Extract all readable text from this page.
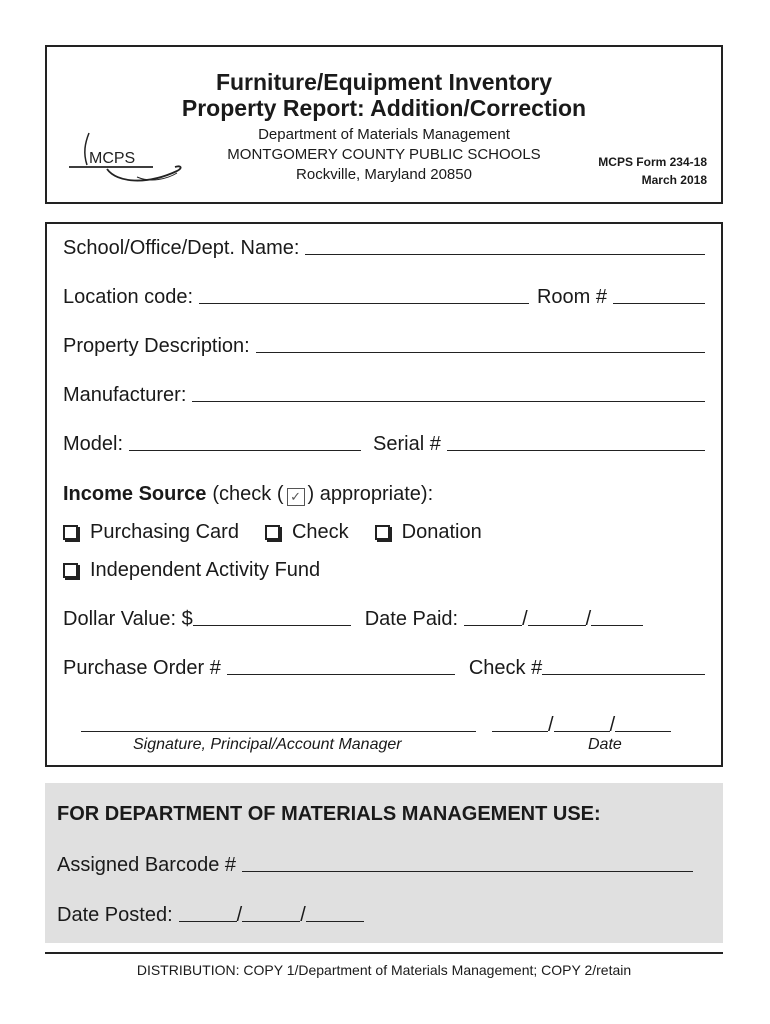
Furniture/Equipment Inventory
Property Report: Addition/Correction
Department of Materials Management
MONTGOMERY COUNTY PUBLIC SCHOOLS
Rockville, Maryland 20850
MCPS Form 234-18
March 2018
MCPS
School/Office/Dept. Name:
Location code:	Room #
Property Description:
Manufacturer:
Model:	Serial #
Income Source (check ( ✓ ) appropriate):
Purchasing Card	Check	Donation
Independent Activity Fund
Dollar Value: $	Date Paid:	/	/
Purchase Order #	Check #
/	/
Signature, Principal/Account Manager	Date
FOR DEPARTMENT OF MATERIALS MANAGEMENT USE:
Assigned Barcode #
Date Posted:	/	/
DISTRIBUTION: COPY 1/Department of Materials Management; COPY 2/retain
